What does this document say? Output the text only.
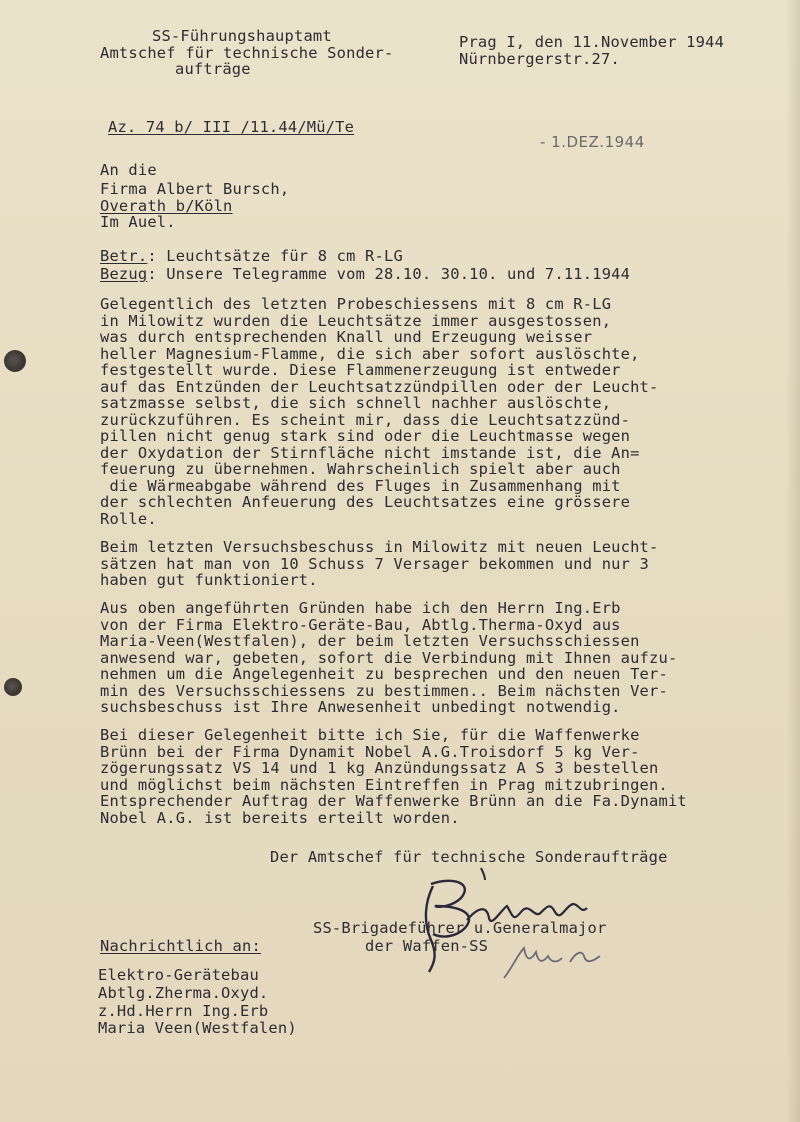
SS-Führungshauptamt
Amtschef für technische Sonder-
aufträge
Prag I, den 11.November 1944
Nürnbergerstr.27.
Az. 74 b/ III /11.44/Mü/Te
- 1.DEZ.1944
An die
Firma Albert Bursch,
Overath b/Köln
Im Auel.
Betr.: Leuchtsätze für 8 cm R-LG
Bezug: Unsere Telegramme vom 28.10. 30.10. und 7.11.1944
Gelegentlich des letzten Probeschiessens mit 8 cm R-LG
in Milowitz wurden die Leuchtsätze immer ausgestossen,
was durch entsprechenden Knall und Erzeugung weisser
heller Magnesium-Flamme, die sich aber sofort auslöschte,
festgestellt wurde. Diese Flammenerzeugung ist entweder
auf das Entzünden der Leuchtsatzzündpillen oder der Leucht-
satzmasse selbst, die sich schnell nachher auslöschte,
zurückzuführen. Es scheint mir, dass die Leuchtsatzzünd-
pillen nicht genug stark sind oder die Leuchtmasse wegen
der Oxydation der Stirnfläche nicht imstande ist, die An=
feuerung zu übernehmen. Wahrscheinlich spielt aber auch
die Wärmeabgabe während des Fluges in Zusammenhang mit
der schlechten Anfeuerung des Leuchtsatzes eine grössere
Rolle.
Beim letzten Versuchsbeschuss in Milowitz mit neuen Leucht-
sätzen hat man von 10 Schuss 7 Versager bekommen und nur 3
haben gut funktioniert.
Aus oben angeführten Gründen habe ich den Herrn Ing.Erb
von der Firma Elektro-Geräte-Bau, Abtlg.Therma-Oxyd aus
Maria-Veen(Westfalen), der beim letzten Versuchsschiessen
anwesend war, gebeten, sofort die Verbindung mit Ihnen aufzu-
nehmen um die Angelegenheit zu besprechen und den neuen Ter-
min des Versuchsschiessens zu bestimmen.. Beim nächsten Ver-
suchsbeschuss ist Ihre Anwesenheit unbedingt notwendig.
Bei dieser Gelegenheit bitte ich Sie, für die Waffenwerke
Brünn bei der Firma Dynamit Nobel A.G.Troisdorf 5 kg Ver-
zögerungssatz VS 14 und 1 kg Anzündungssatz A S 3 bestellen
und möglichst beim nächsten Eintreffen in Prag mitzubringen.
Entsprechender Auftrag der Waffenwerke Brünn an die Fa.Dynamit
Nobel A.G. ist bereits erteilt worden.
Der Amtschef für technische Sonderaufträge
SS-Brigadeführer u.Generalmajor
der Waffen-SS
Nachrichtlich an:
Elektro-Gerätebau
Abtlg.Zherma.Oxyd.
z.Hd.Herrn Ing.Erb
Maria Veen(Westfalen)
